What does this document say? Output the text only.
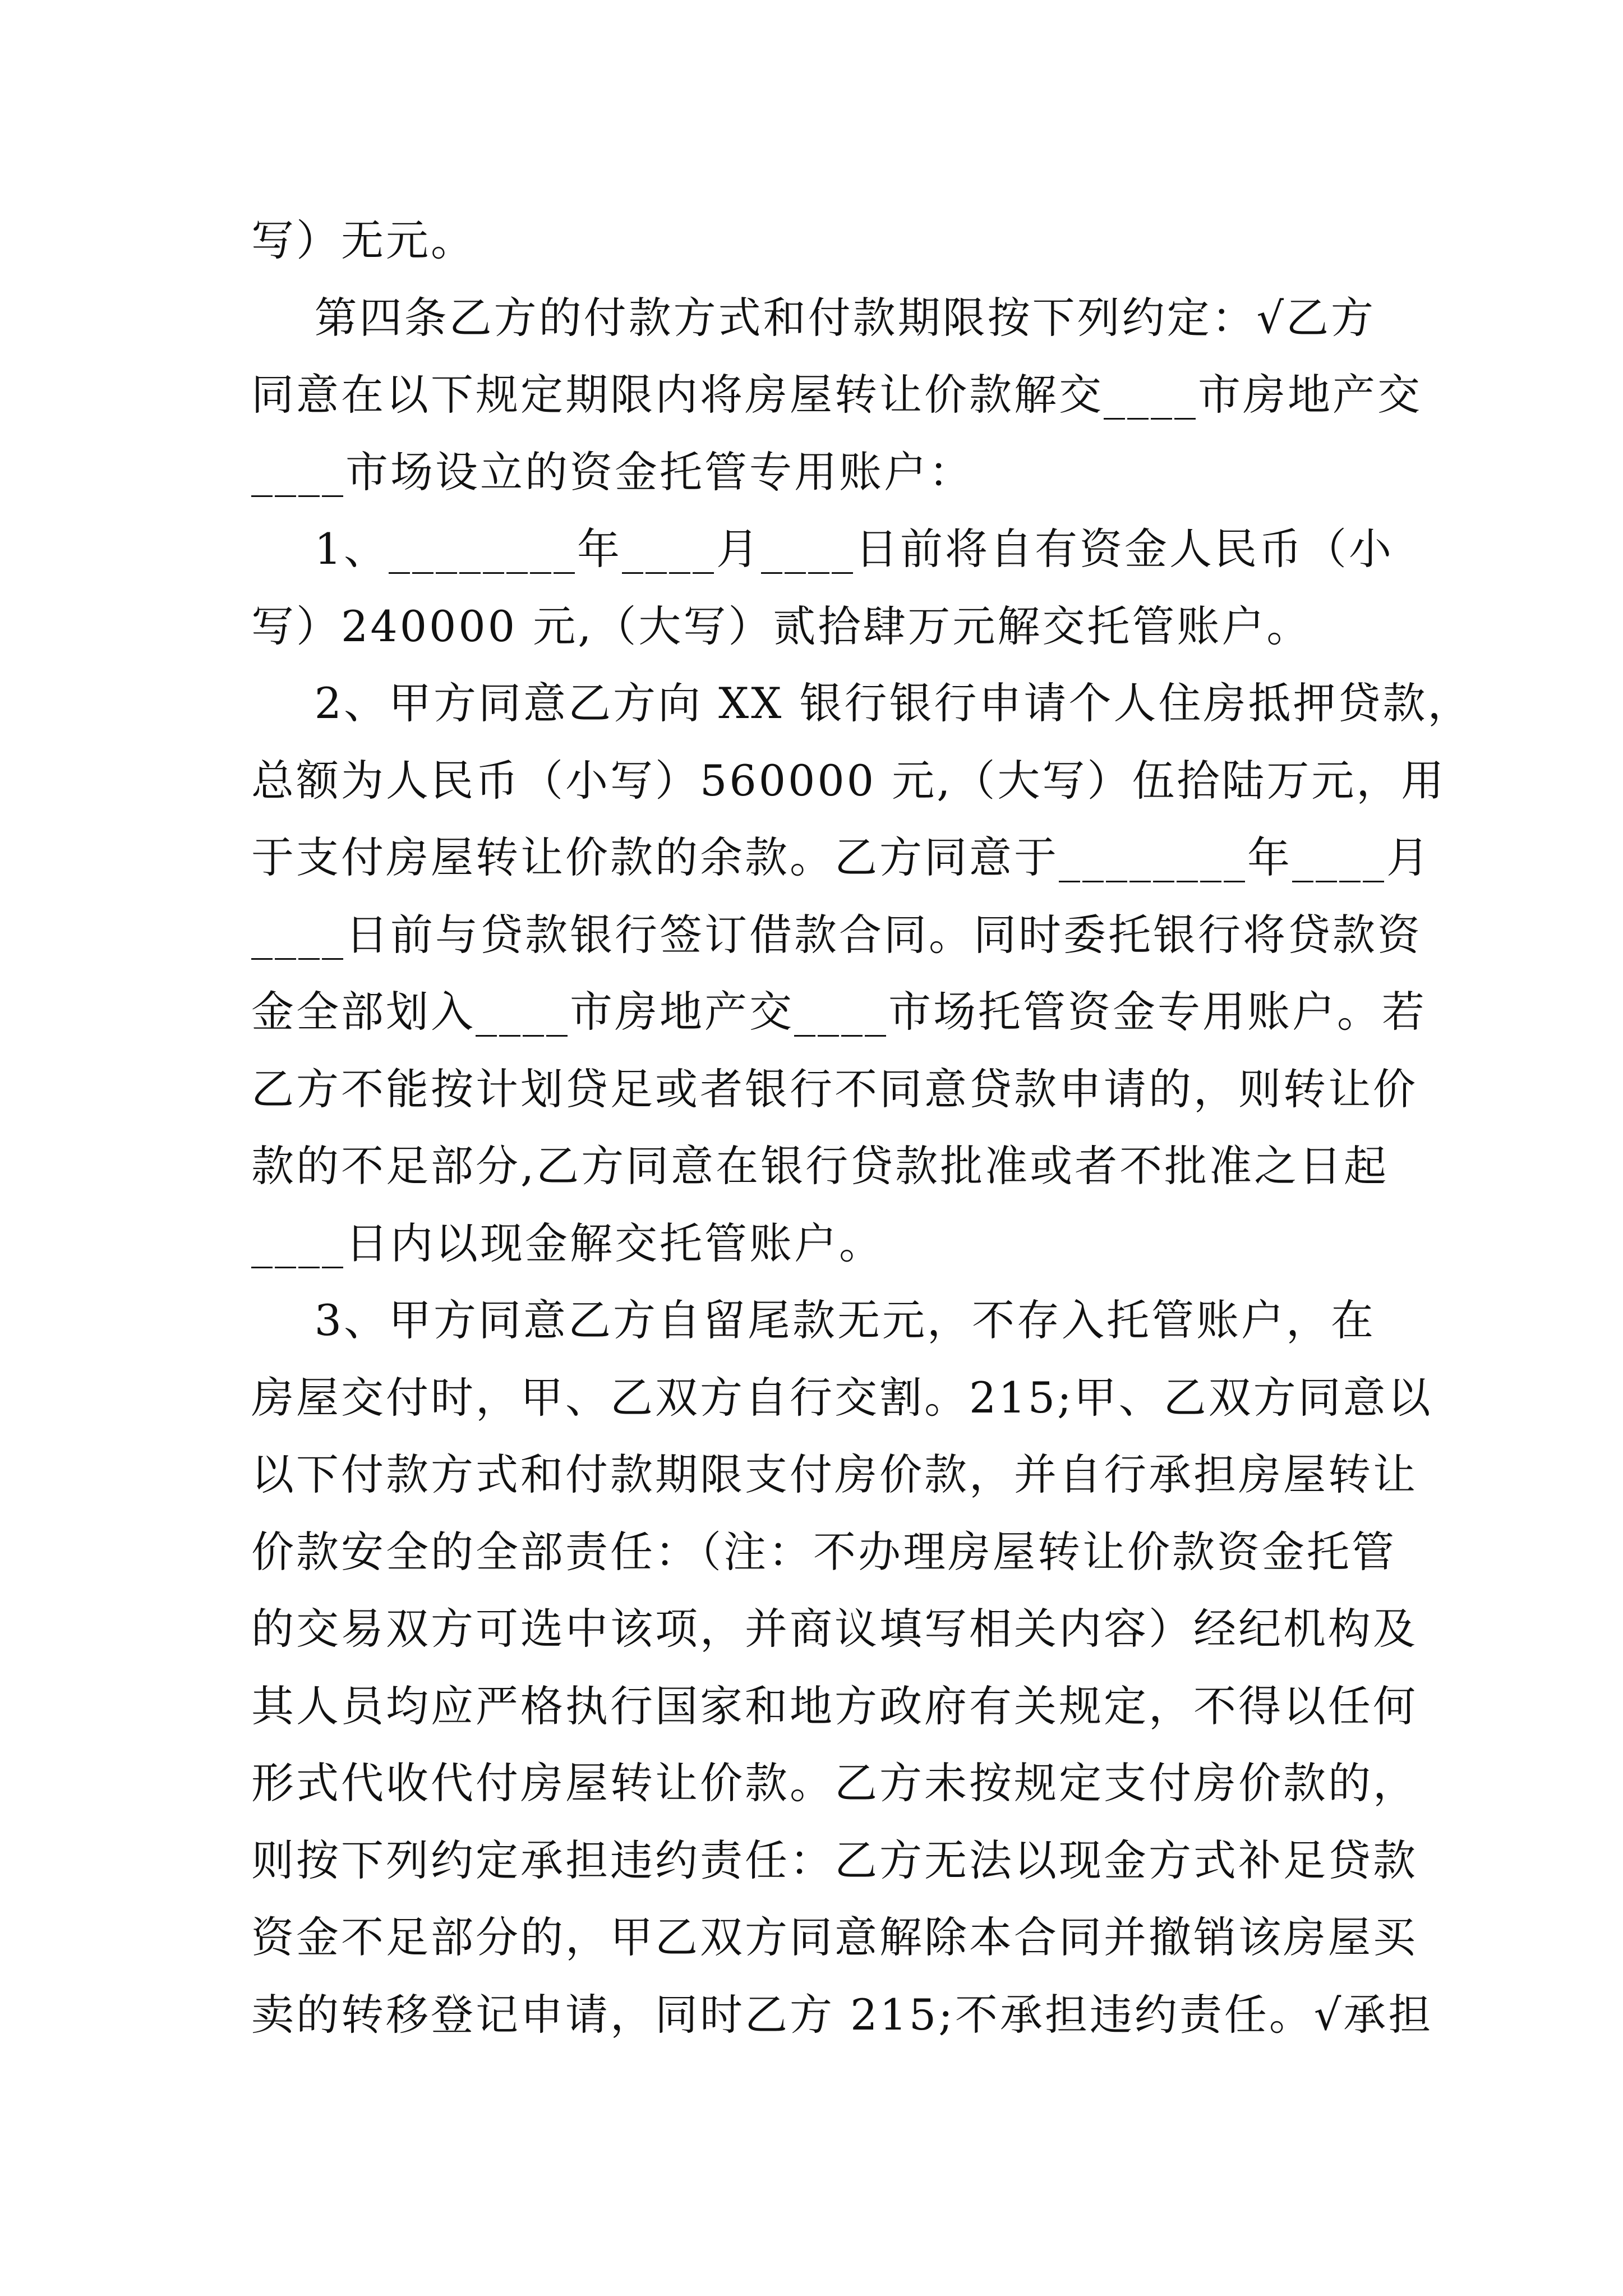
写）无元。
第四条乙方的付款方式和付款期限按下列约定：√乙方
同意在以下规定期限内将房屋转让价款解交____市房地产交
____市场设立的资金托管专用账户：
1、________年____月____日前将自有资金人民币（小
写）240000 元,（大写）贰拾肆万元解交托管账户。
2、甲方同意乙方向 XX 银行银行申请个人住房抵押贷款，
总额为人民币（小写）560000 元,（大写）伍拾陆万元，用
于支付房屋转让价款的余款。乙方同意于________年____月
____日前与贷款银行签订借款合同。同时委托银行将贷款资
金全部划入____市房地产交____市场托管资金专用账户。若
乙方不能按计划贷足或者银行不同意贷款申请的，则转让价
款的不足部分,乙方同意在银行贷款批准或者不批准之日起
____日内以现金解交托管账户。
3、甲方同意乙方自留尾款无元，不存入托管账户，在
房屋交付时，甲、乙双方自行交割。215;甲、乙双方同意以
以下付款方式和付款期限支付房价款，并自行承担房屋转让
价款安全的全部责任：（注：不办理房屋转让价款资金托管
的交易双方可选中该项，并商议填写相关内容）经纪机构及
其人员均应严格执行国家和地方政府有关规定，不得以任何
形式代收代付房屋转让价款。乙方未按规定支付房价款的，
则按下列约定承担违约责任：乙方无法以现金方式补足贷款
资金不足部分的，甲乙双方同意解除本合同并撤销该房屋买
卖的转移登记申请，同时乙方 215;不承担违约责任。√承担
